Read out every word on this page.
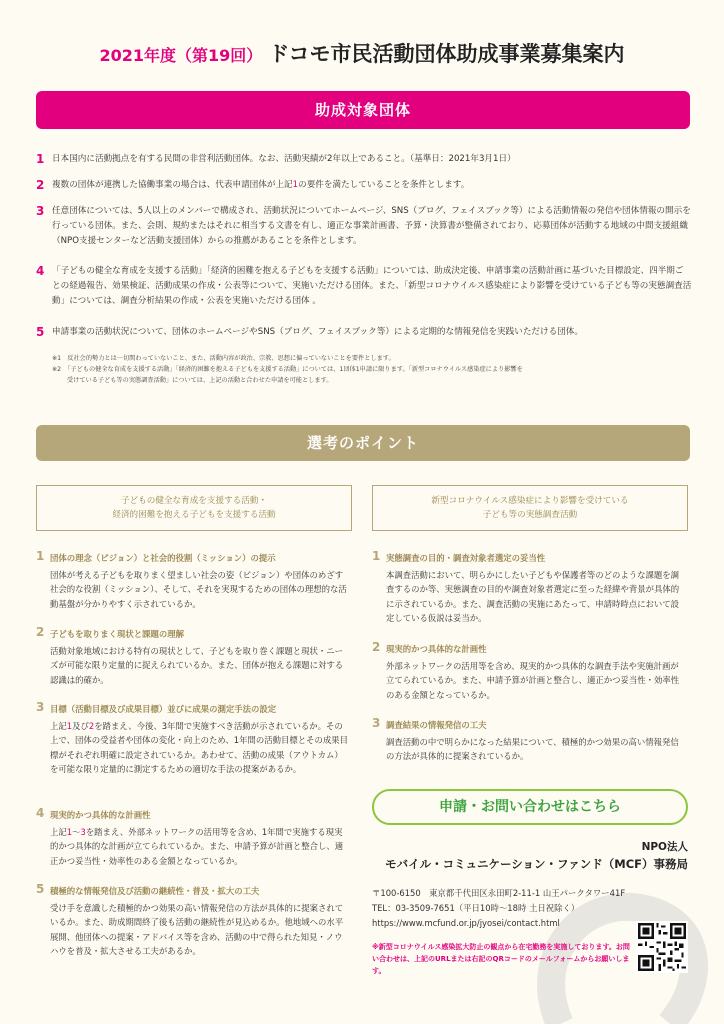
2021年度（第19回） ドコモ市民活動団体助成事業募集案内
助成対象団体
1 日本国内に活動拠点を有する民間の非営利活動団体。なお、活動実績が2年以上であること。（基準日：2021年3月1日）
2 複数の団体が連携した協働事業の場合は、代表申請団体が上記1の要件を満たしていることを条件とします。
3 任意団体については、5人以上のメンバーで構成され、活動状況についてホームページ、SNS（ブログ、フェイスブック等）による活動情報の発信や団体情報の開示を行っている団体。また、会則、規約またはそれに相当する文書を有し、適正な事業計画書、予算・決算書が整備されており、応募団体が活動する地域の中間支援組織（NPO支援センターなど活動支援団体）からの推薦があることを条件とします。
4 「子どもの健全な育成を支援する活動」「経済的困難を抱える子どもを支援する活動」については、助成決定後、申請事業の活動計画に基づいた目標設定、四半期ごとの経過報告、効果検証、活動成果の作成・公表等について、実施いただける団体。また、「新型コロナウイルス感染症により影響を受けている子ども等の実態調査活動」については、調査分析結果の作成・公表を実施いただける団体 。
5 申請事業の活動状況について、団体のホームページやSNS（ブログ、フェイスブック等）による定期的な情報発信を実践いただける団体。
※1　反社会的勢力とは一切関わっていないこと、また、活動内容が政治、宗教、思想に偏っていないことを要件とします。
※2　「子どもの健全な育成を支援する活動」「経済的困難を抱える子どもを支援する活動」については、1団体1申請に限ります。「新型コロナウイルス感染症により影響を
受けている子ども等の実態調査活動」については、上記の活動と合わせた申請を可能とします。
選考のポイント
子どもの健全な育成を支援する活動・
経済的困難を抱える子どもを支援する活動
新型コロナウイルス感染症により影響を受けている
子ども等の実態調査活動
1 団体の理念（ビジョン）と社会的役割（ミッション）の提示
団体が考える子どもを取りまく望ましい社会の姿（ビジョン）や団体のめざす社会的な役割（ミッション）、そして、それを実現するための団体の理想的な活動基盤が分かりやすく示されているか。
2 子どもを取りまく現状と課題の理解
活動対象地域における特有の現状として、子どもを取り巻く課題と現状・ニーズが可能な限り定量的に捉えられているか。また、団体が抱える課題に対する認識は的確か。
3 目標（活動目標及び成果目標）並びに成果の測定手法の設定
上記1及び2を踏まえ、今後、3年間で実施すべき活動が示されているか。その上で、団体の受益者や団体の変化・向上のため、1年間の活動目標とその成果目標がそれぞれ明確に設定されているか。あわせて、活動の成果（アウトカム）を可能な限り定量的に測定するための適切な手法の提案があるか。
4 現実的かつ具体的な計画性
上記1～3を踏まえ、外部ネットワークの活用等を含め、1年間で実施する現実的かつ具体的な計画が立てられているか。また、申請予算が計画と整合し、適正かつ妥当性・効率性のある金額となっているか。
5 積極的な情報発信及び活動の継続性・普及・拡大の工夫
受け手を意識した積極的かつ効果の高い情報発信の方法が具体的に提案されているか。また、助成期間終了後も活動の継続性が見込めるか。他地域への水平展開、他団体への提案・アドバイス等を含め、活動の中で得られた知見・ノウハウを普及・拡大させる工夫があるか。
1 実態調査の目的・調査対象者選定の妥当性
本調査活動において、明らかにしたい子どもや保護者等のどのような課題を調査するのか等、実態調査の目的や調査対象者選定に至った経緯や背景が具体的に示されているか。また、調査活動の実施にあたって、申請時時点において設定している仮説は妥当か。
2 現実的かつ具体的な計画性
外部ネットワークの活用等を含め、現実的かつ具体的な調査手法や実施計画が立てられているか。また、申請予算が計画と整合し、適正かつ妥当性・効率性のある金額となっているか。
3 調査結果の情報発信の工夫
調査活動の中で明らかになった結果について、積極的かつ効果の高い情報発信の方法が具体的に提案されているか。
申請・お問い合わせはこちら
NPO法人
モバイル・コミュニケーション・ファンド（MCF）事務局
〒100-6150　東京都千代田区永田町2-11-1 山王パークタワー41F
TEL：03-3509-7651（平日10時～18時 土日祝除く）
https://www.mcfund.or.jp/jyosei/contact.html
※新型コロナウイルス感染拡大防止の観点から在宅勤務を実施しております。お問い合わせは、上記のURLまたは右記のQRコードのメールフォームからお願いします。
